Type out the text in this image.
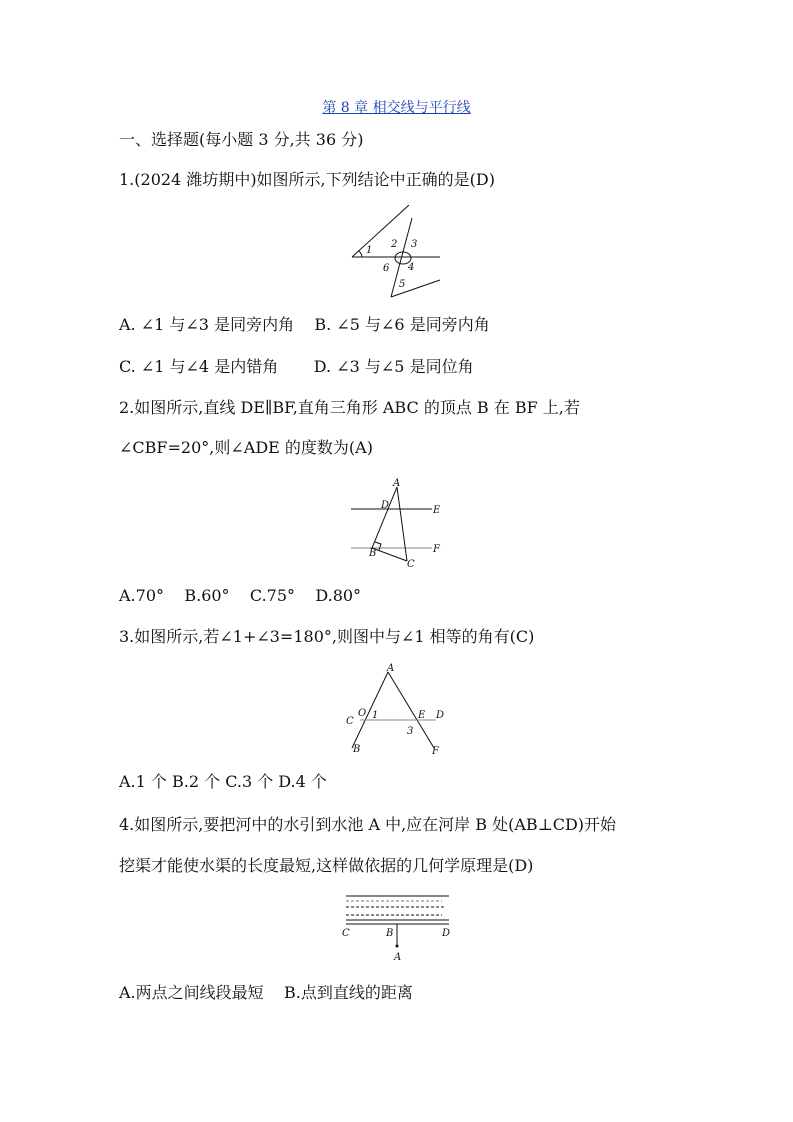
第 8 章 相交线与平行线
一、选择题(每小题 3 分,共 36 分)
1.(2024 潍坊期中)如图所示,下列结论中正确的是(D)
1
2 3
6 4
5
A. ∠1 与∠3 是同旁内角    B. ∠5 与∠6 是同旁内角
C. ∠1 与∠4 是内错角       D. ∠3 与∠5 是同位角
2.如图所示,直线 DE∥BF,直角三角形 ABC 的顶点 B 在 BF 上,若
∠CBF=20°,则∠ADE 的度数为(A)
A
D	E
B	F
C
A.70°    B.60°    C.75°    D.80°
3.如图所示,若∠1+∠3=180°,则图中与∠1 相等的角有(C)
A
C
O 1	E D
3
B	F
A.1 个 B.2 个 C.3 个 D.4 个
4.如图所示,要把河中的水引到水池 A 中,应在河岸 B 处(AB⊥CD)开始
挖渠才能使水渠的长度最短,这样做依据的几何学原理是(D)
C	B	D
A
A.两点之间线段最短    B.点到直线的距离
